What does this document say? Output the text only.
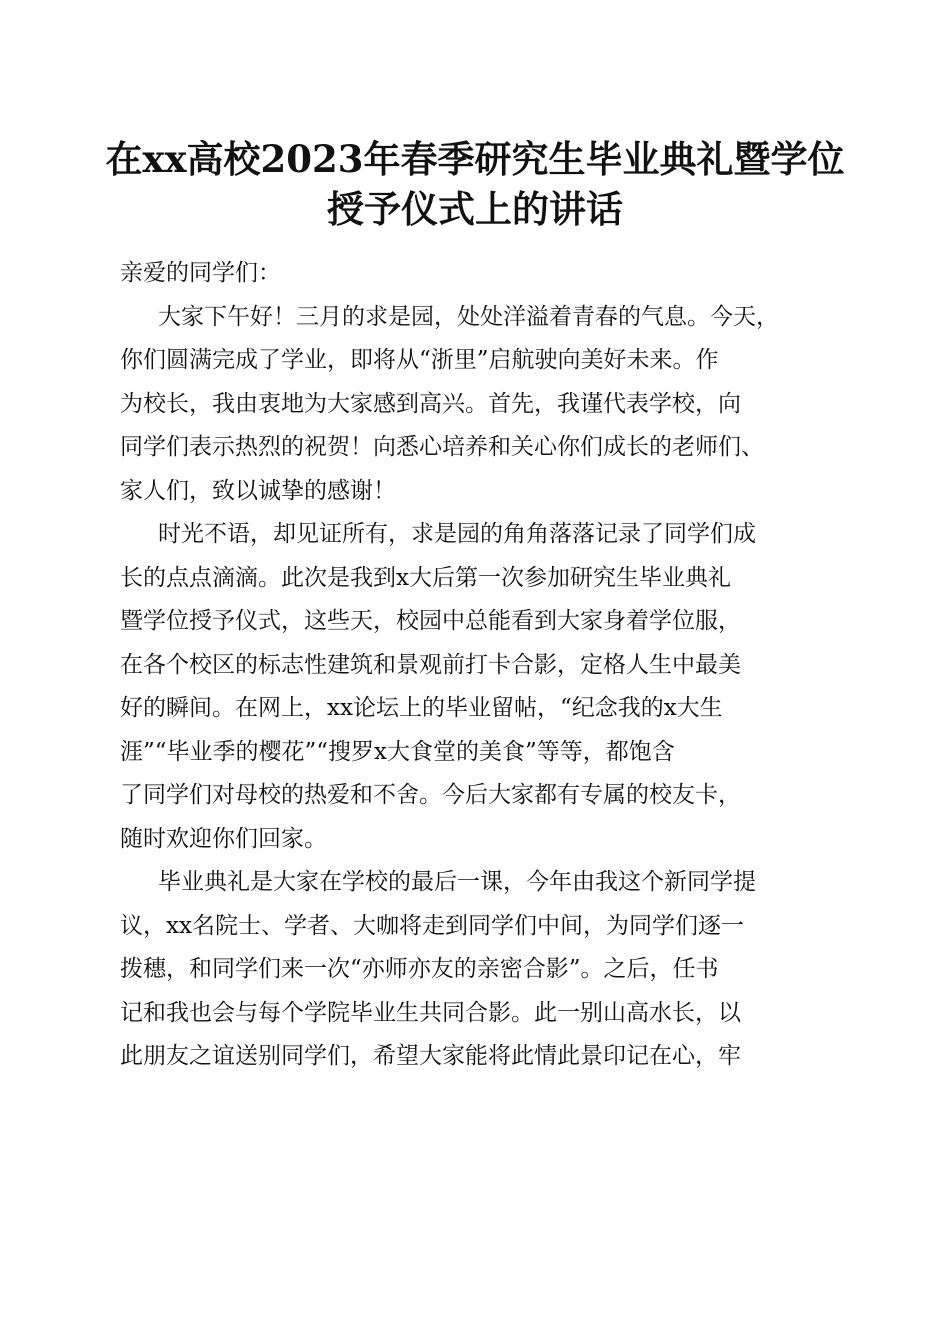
在xx高校2023年春季研究生毕业典礼暨学位
授予仪式上的讲话
亲爱的同学们：
大家下午好！三月的求是园，处处洋溢着青春的气息。今天，
你们圆满完成了学业，即将从“浙里”启航驶向美好未来。作
为校长，我由衷地为大家感到高兴。首先，我谨代表学校，向
同学们表示热烈的祝贺！向悉心培养和关心你们成长的老师们、
家人们，致以诚挚的感谢！
时光不语，却见证所有，求是园的角角落落记录了同学们成
长的点点滴滴。此次是我到x大后第一次参加研究生毕业典礼
暨学位授予仪式，这些天，校园中总能看到大家身着学位服，
在各个校区的标志性建筑和景观前打卡合影，定格人生中最美
好的瞬间。在网上，xx论坛上的毕业留帖，“纪念我的x大生
涯”“毕业季的樱花”“搜罗x大食堂的美食”等等，都饱含
了同学们对母校的热爱和不舍。今后大家都有专属的校友卡，
随时欢迎你们回家。
毕业典礼是大家在学校的最后一课，今年由我这个新同学提
议，xx名院士、学者、大咖将走到同学们中间，为同学们逐一
拨穗，和同学们来一次“亦师亦友的亲密合影”。之后，任书
记和我也会与每个学院毕业生共同合影。此一别山高水长，以
此朋友之谊送别同学们，希望大家能将此情此景印记在心，牢
